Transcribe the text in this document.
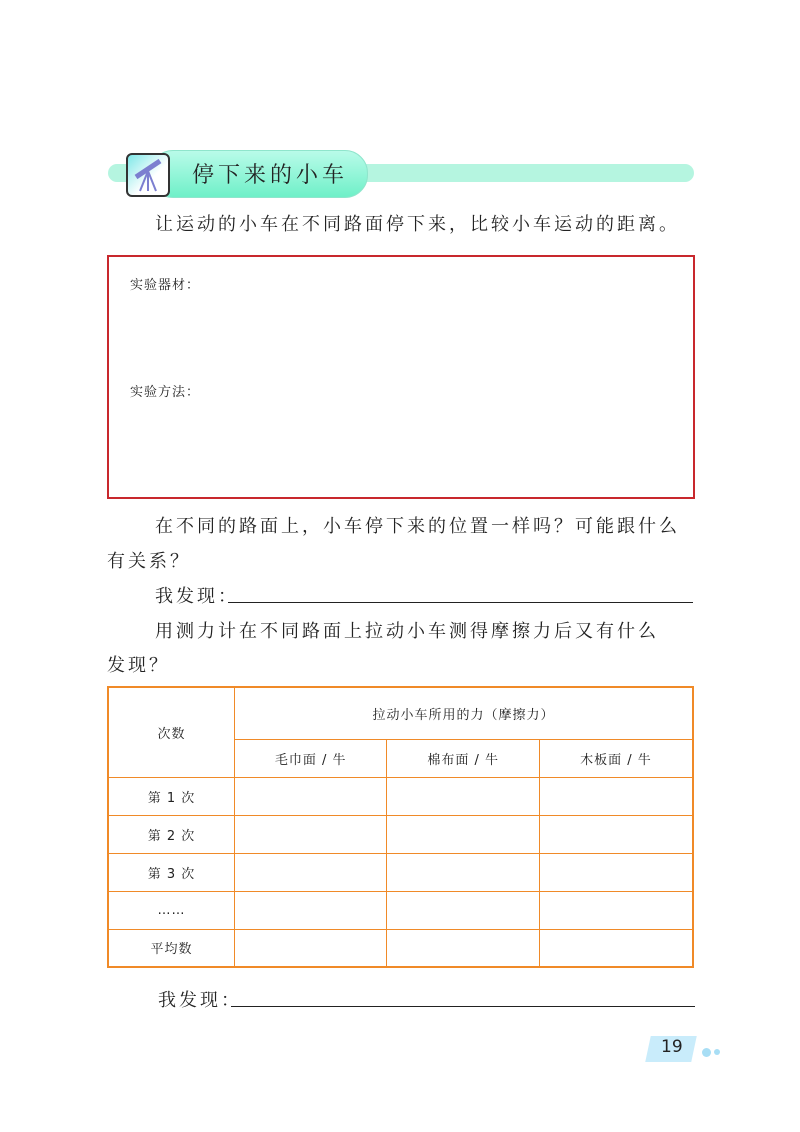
停下来的小车
让运动的小车在不同路面停下来，比较小车运动的距离。
实验器材：
实验方法：
在不同的路面上，小车停下来的位置一样吗？可能跟什么
有关系？
我发现：
用测力计在不同路面上拉动小车测得摩擦力后又有什么
发现？
次数	拉动小车所用的力（摩擦力）		
	毛巾面 / 牛	棉布面 / 牛	木板面 / 牛
第 1 次			
第 2 次			
第 3 次			
……			
平均数			
我发现：
19
